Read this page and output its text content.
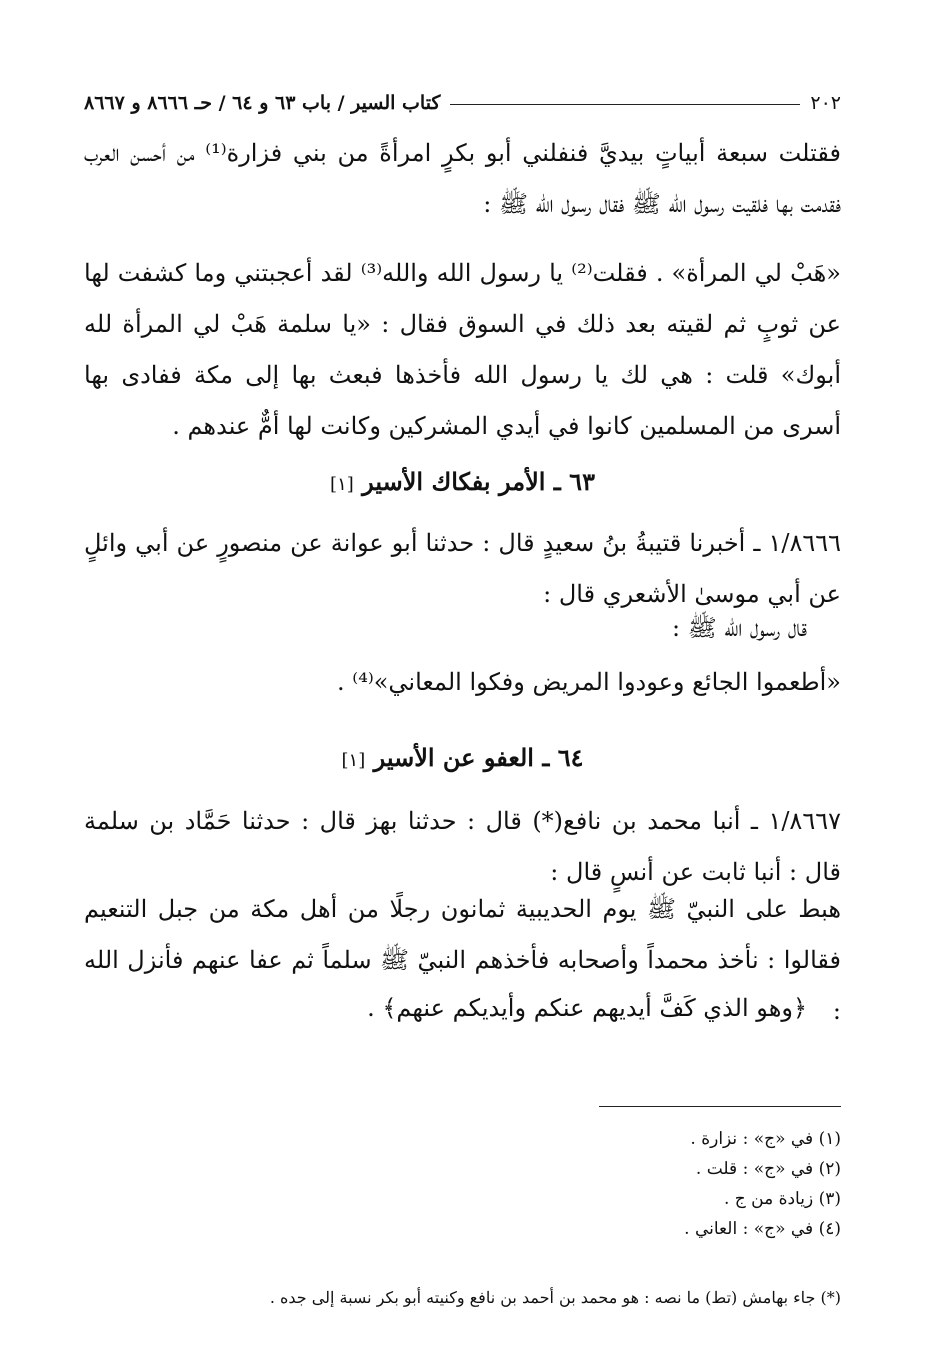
٢٠٢
كتاب السير / باب ٦٣ و ٦٤ / حـ ٨٦٦٦ و ٨٦٦٧

فقتلت سبعة أبياتٍ بيديَّ فنفلني أبو بكرٍ امرأةً من بني فزارة⁽¹⁾ من أحسن العرب فقدمت بها فلقيت رسول الله ﷺ فقال رسول الله ﷺ :

«هَبْ لي المرأة» . فقلت⁽²⁾ يا رسول الله والله⁽³⁾ لقد أعجبتني وما كشفت لها عن ثوبٍ ثم لقيته بعد ذلك في السوق فقال : «يا سلمة هَبْ لي المرأة لله أبوك» قلت : هي لك يا رسول الله فأخذها فبعث بها إلى مكة ففادى بها أسرى من المسلمين كانوا في أيدي المشركين وكانت لها أمٌّ عندهم .

٦٣ ـ الأمر بفكاك الأسير [١]

١/٨٦٦٦ ـ أخبرنا قتيبةُ بنُ سعيدٍ قال : حدثنا أبو عوانة عن منصورٍ عن أبي وائلٍ عن أبي موسىٰ الأشعري قال :

قال رسول الله ﷺ :
«أطعموا الجائع وعودوا المريض وفكوا المعاني»⁽⁴⁾ .
٦٤ ـ العفو عن الأسير [١]

١/٨٦٦٧ ـ أنبا محمد بن نافع(*) قال : حدثنا بهز قال : حدثنا حَمَّاد بن سلمة قال : أنبا ثابت عن أنسٍ قال :

هبط على النبيّ ﷺ يوم الحديبية ثمانون رجلًا من أهل مكة من جبل التنعيم فقالوا : نأخذ محمداً وأصحابه فأخذهم النبيّ ﷺ سلماً ثم عفا عنهم فأنزل الله :

﴿وهو الذي كَفَّ أيديهم عنكم وأيديكم عنهم﴾ .
(١) في «ج» : نزارة .
(٢) في «ج» : قلت .
(٣) زيادة من ج .
(٤) في «ج» : العاني .
(*) جاء بهامش (تط) ما نصه : هو محمد بن أحمد بن نافع وكنيته أبو بكر نسبة إلى جده .
